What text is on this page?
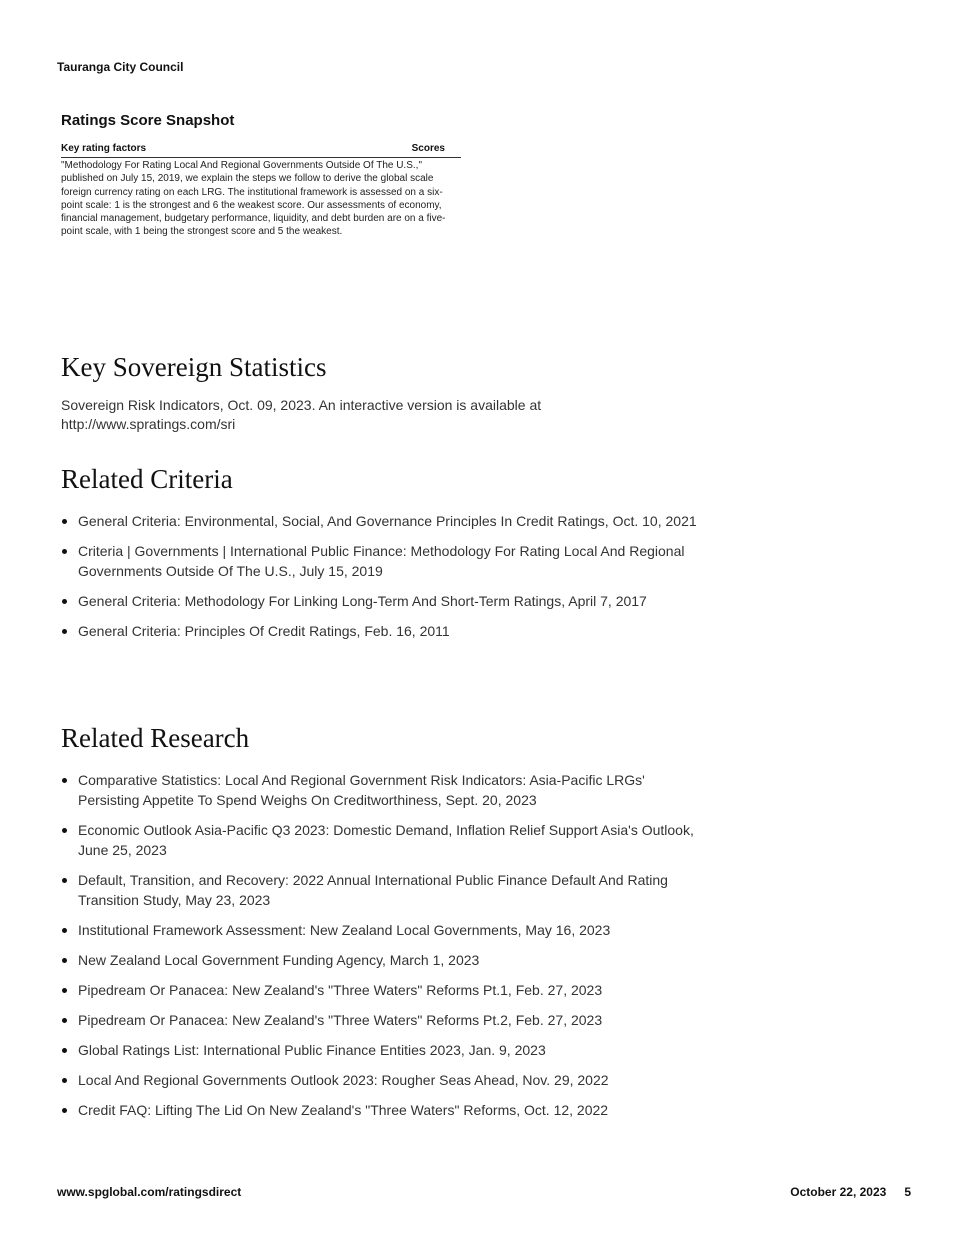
Tauranga City Council
Ratings Score Snapshot
Key rating factors	Scores
"Methodology For Rating Local And Regional Governments Outside Of The U.S.," published on July 15, 2019, we explain the steps we follow to derive the global scale foreign currency rating on each LRG. The institutional framework is assessed on a six-point scale: 1 is the strongest and 6 the weakest score. Our assessments of economy, financial management, budgetary performance, liquidity, and debt burden are on a five-point scale, with 1 being the strongest score and 5 the weakest.
Key Sovereign Statistics
Sovereign Risk Indicators, Oct. 09, 2023. An interactive version is available at http://www.spratings.com/sri
Related Criteria
General Criteria: Environmental, Social, And Governance Principles In Credit Ratings, Oct. 10, 2021
Criteria | Governments | International Public Finance: Methodology For Rating Local And Regional Governments Outside Of The U.S., July 15, 2019
General Criteria: Methodology For Linking Long-Term And Short-Term Ratings, April 7, 2017
General Criteria: Principles Of Credit Ratings, Feb. 16, 2011
Related Research
Comparative Statistics: Local And Regional Government Risk Indicators: Asia-Pacific LRGs' Persisting Appetite To Spend Weighs On Creditworthiness, Sept. 20, 2023
Economic Outlook Asia-Pacific Q3 2023: Domestic Demand, Inflation Relief Support Asia's Outlook, June 25, 2023
Default, Transition, and Recovery: 2022 Annual International Public Finance Default And Rating Transition Study, May 23, 2023
Institutional Framework Assessment: New Zealand Local Governments, May 16, 2023
New Zealand Local Government Funding Agency, March 1, 2023
Pipedream Or Panacea: New Zealand's "Three Waters" Reforms Pt.1, Feb. 27, 2023
Pipedream Or Panacea: New Zealand's "Three Waters" Reforms Pt.2, Feb. 27, 2023
Global Ratings List: International Public Finance Entities 2023, Jan. 9, 2023
Local And Regional Governments Outlook 2023: Rougher Seas Ahead, Nov. 29, 2022
Credit FAQ: Lifting The Lid On New Zealand's "Three Waters" Reforms, Oct. 12, 2022
www.spglobal.com/ratingsdirect	October 22, 2023 5
